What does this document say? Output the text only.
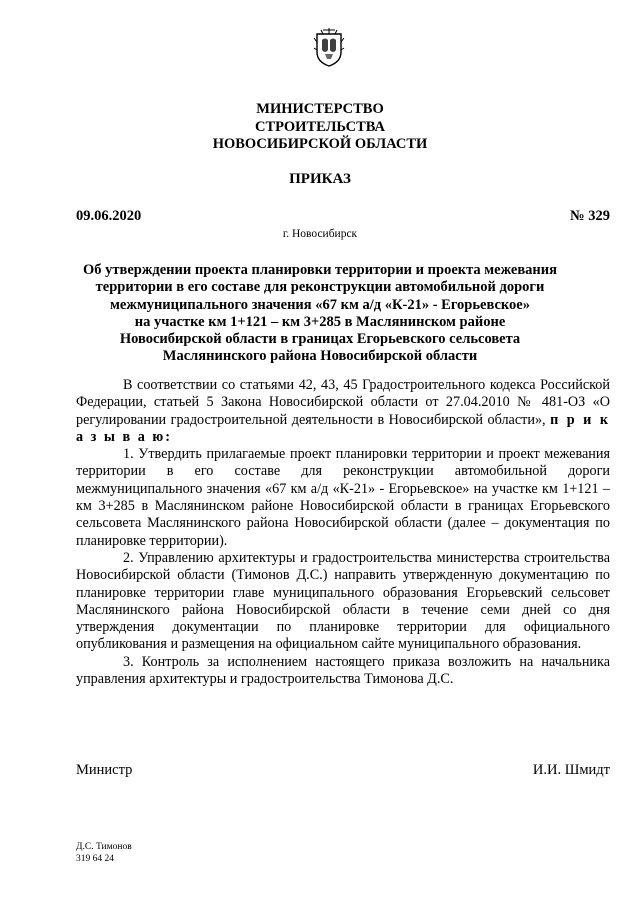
МИНИСТЕРСТВО
СТРОИТЕЛЬСТВА
НОВОСИБИРСКОЙ ОБЛАСТИ
ПРИКАЗ
09.06.2020	№ 329
г. Новосибирск
Об утверждении проекта планировки территории и проекта межевания
территории в его составе для реконструкции автомобильной дороги
межмуниципального значения «67 км а/д «К-21» - Егорьевское»
на участке км 1+121 – км 3+285 в Маслянинском районе
Новосибирской области в границах Егорьевского сельсовета
Маслянинского района Новосибирской области

В соответствии со статьями 42, 43, 45 Градостроительного кодекса Российской Федерации, статьей 5 Закона Новосибирской области от 27.04.2010 № 481-ОЗ «О регулировании градостроительной деятельности в Новосибирской области», п р и к а з ы в а ю:

1. Утвердить прилагаемые проект планировки территории и проект межевания территории в его составе для реконструкции автомобильной дороги межмуниципального значения «67 км а/д «К-21» - Егорьевское» на участке км 1+121 – км 3+285 в Маслянинском районе Новосибирской области в границах Егорьевского сельсовета Маслянинского района Новосибирской области (далее – документация по планировке территории).

2. Управлению архитектуры и градостроительства министерства строительства Новосибирской области (Тимонов Д.С.) направить утвержденную документацию по планировке территории главе муниципального образования Егорьевский сельсовет Маслянинского района Новосибирской области в течение семи дней со дня утверждения документации по планировке территории для официального опубликования и размещения на официальном сайте муниципального образования.

3. Контроль за исполнением настоящего приказа возложить на начальника управления архитектуры и градостроительства Тимонова Д.С.

Министр	И.И. Шмидт
Д.С. Тимонов
319 64 24
